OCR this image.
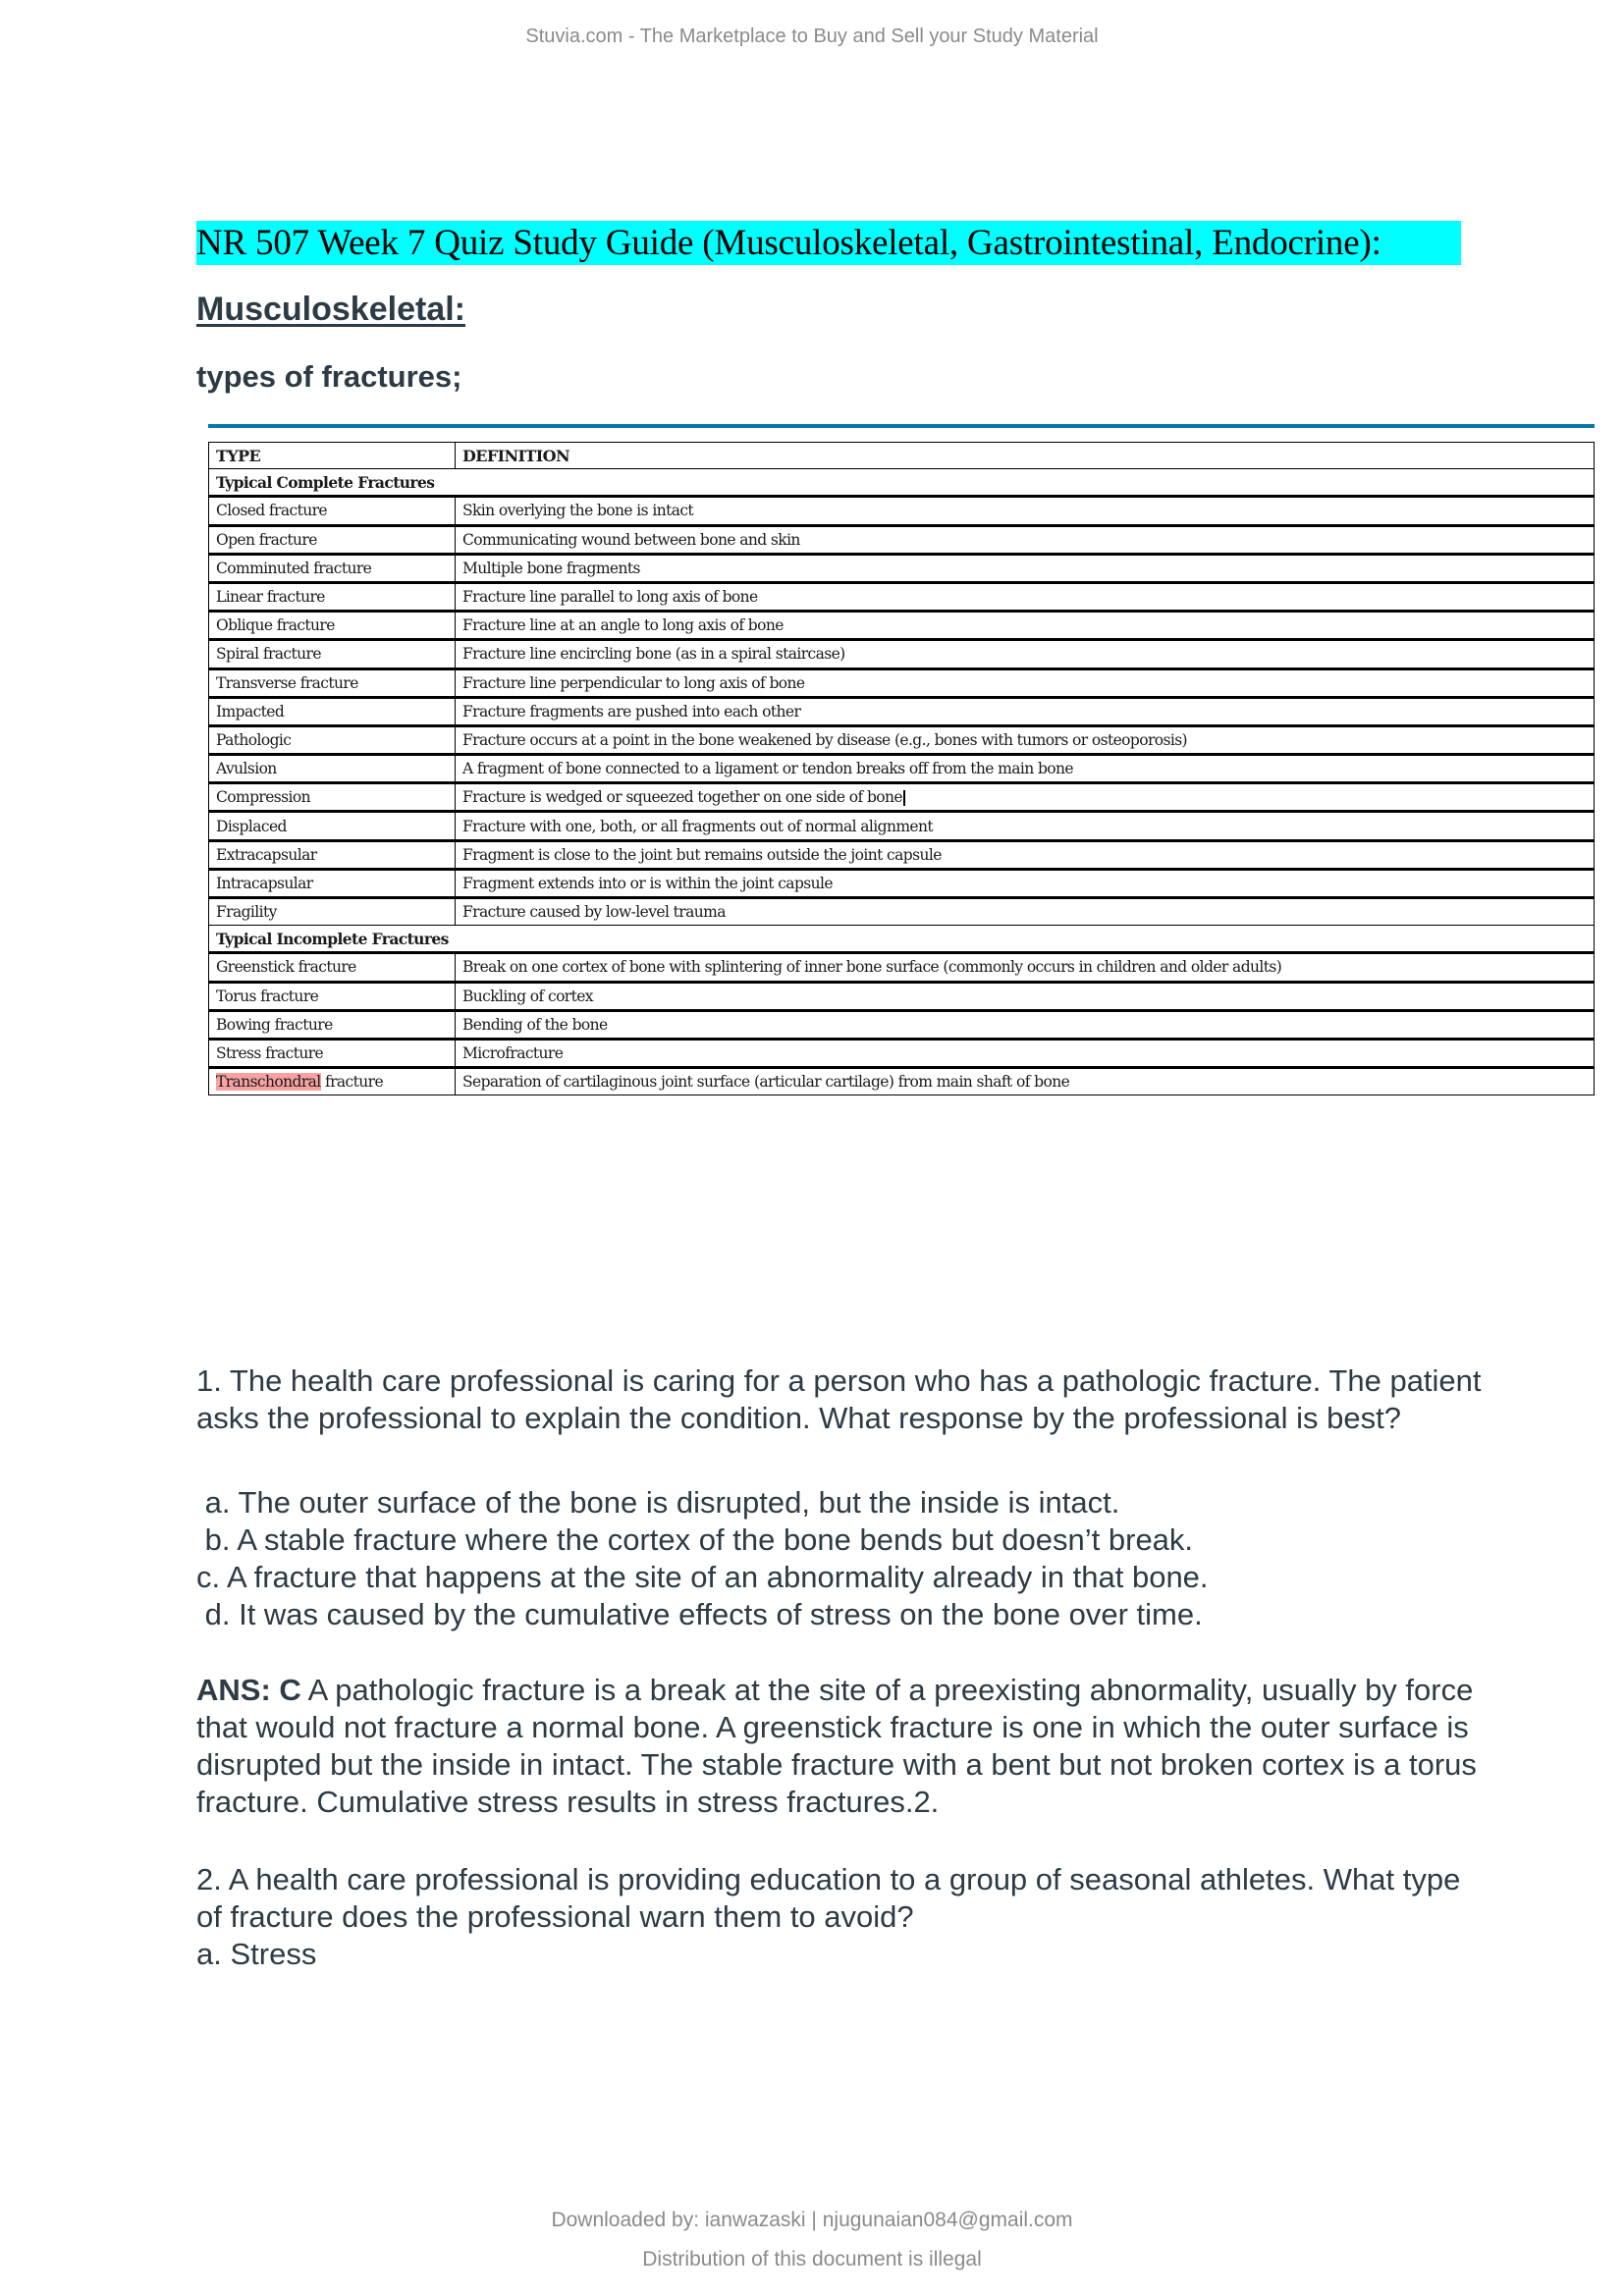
Stuvia.com - The Marketplace to Buy and Sell your Study Material
NR 507 Week 7 Quiz Study Guide (Musculoskeletal, Gastrointestinal, Endocrine):
Musculoskeletal:
types of fractures;
TYPE	DEFINITION
Typical Complete Fractures	
Closed fracture	Skin overlying the bone is intact
Open fracture	Communicating wound between bone and skin
Comminuted fracture	Multiple bone fragments
Linear fracture	Fracture line parallel to long axis of bone
Oblique fracture	Fracture line at an angle to long axis of bone
Spiral fracture	Fracture line encircling bone (as in a spiral staircase)
Transverse fracture	Fracture line perpendicular to long axis of bone
Impacted	Fracture fragments are pushed into each other
Pathologic	Fracture occurs at a point in the bone weakened by disease (e.g., bones with tumors or osteoporosis)
Avulsion	A fragment of bone connected to a ligament or tendon breaks off from the main bone
Compression	Fracture is wedged or squeezed together on one side of bone
Displaced	Fracture with one, both, or all fragments out of normal alignment
Extracapsular	Fragment is close to the joint but remains outside the joint capsule
Intracapsular	Fragment extends into or is within the joint capsule
Fragility	Fracture caused by low-level trauma
Typical Incomplete Fractures	
Greenstick fracture	Break on one cortex of bone with splintering of inner bone surface (commonly occurs in children and older adults)
Torus fracture	Buckling of cortex
Bowing fracture	Bending of the bone
Stress fracture	Microfracture
Transchondral fracture	Separation of cartilaginous joint surface (articular cartilage) from main shaft of bone
1. The health care professional is caring for a person who has a pathologic fracture. The patient asks the professional to explain the condition. What response by the professional is best?
a. The outer surface of the bone is disrupted, but the inside is intact.
b. A stable fracture where the cortex of the bone bends but doesn’t break.
c. A fracture that happens at the site of an abnormality already in that bone.
d. It was caused by the cumulative effects of stress on the bone over time.
ANS: C A pathologic fracture is a break at the site of a preexisting abnormality, usually by force that would not fracture a normal bone. A greenstick fracture is one in which the outer surface is disrupted but the inside in intact. The stable fracture with a bent but not broken cortex is a torus fracture. Cumulative stress results in stress fractures.2.
2. A health care professional is providing education to a group of seasonal athletes. What type of fracture does the professional warn them to avoid?
a. Stress
Downloaded by: ianwazaski | njugunaian084@gmail.com
Distribution of this document is illegal
